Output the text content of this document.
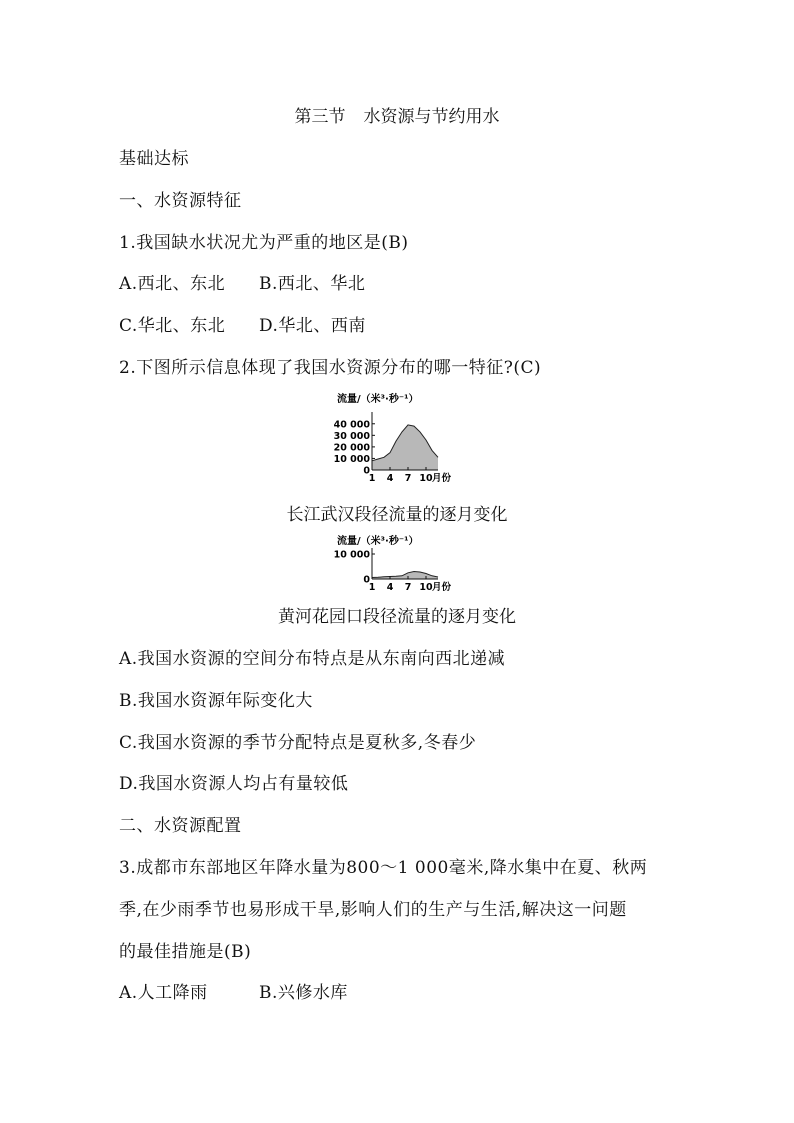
第三节 水资源与节约用水
基础达标
一、水资源特征
1.我国缺水状况尤为严重的地区是(B)
A.西北、东北 B.西北、华北
C.华北、东北 D.华北、西南
2.下图所示信息体现了我国水资源分布的哪一特征?(C)
流量/（米³·秒⁻¹）
0
10 000
20 000
30 000
40 000
1 4 7 10 月份
长江武汉段径流量的逐月变化
流量/（米³·秒⁻¹）
0
10 000
1 4 7 10 月份
黄河花园口段径流量的逐月变化
A.我国水资源的空间分布特点是从东南向西北递减
B.我国水资源年际变化大
C.我国水资源的季节分配特点是夏秋多,冬春少
D.我国水资源人均占有量较低
二、水资源配置
3.成都市东部地区年降水量为800～1 000毫米,降水集中在夏、秋两
季,在少雨季节也易形成干旱,影响人们的生产与生活,解决这一问题
的最佳措施是(B)
A.人工降雨	B.兴修水库
